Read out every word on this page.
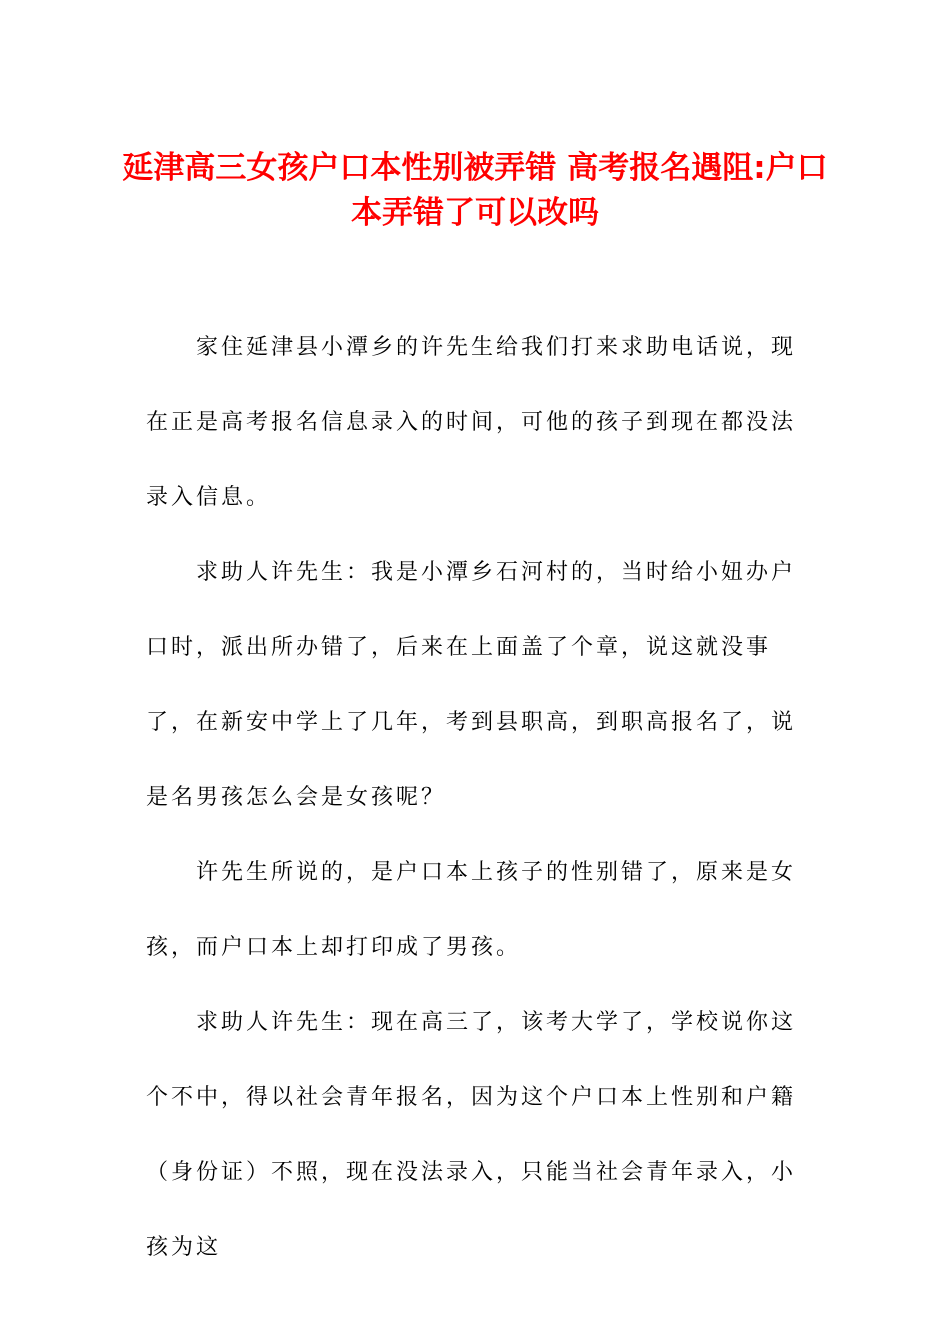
延津高三女孩户口本性别被弄错 高考报名遇阻:户口本弄错了可以改吗

家住延津县小潭乡的许先生给我们打来求助电话说，现在正是高考报名信息录入的时间，可他的孩子到现在都没法录入信息。

求助人许先生：我是小潭乡石河村的，当时给小妞办户口时，派出所办错了，后来在上面盖了个章，说这就没事了，在新安中学上了几年，考到县职高，到职高报名了，说是名男孩怎么会是女孩呢？

许先生所说的，是户口本上孩子的性别错了，原来是女孩，而户口本上却打印成了男孩。

求助人许先生：现在高三了，该考大学了，学校说你这个不中，得以社会青年报名，因为这个户口本上性别和户籍（身份证）不照，现在没法录入，只能当社会青年录入，小孩为这
